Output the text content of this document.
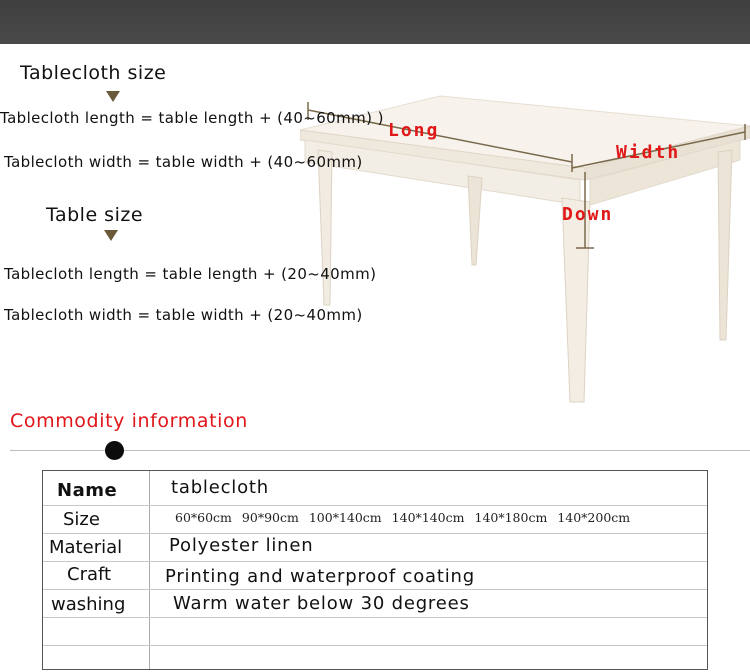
Long
Width
Down
Tablecloth size
Tablecloth length = table length + (40~60mm) )
Tablecloth width = table width + (40~60mm)
Table size
Tablecloth length = table length + (20~40mm)
Tablecloth width = table width + (20~40mm)
Commodity information
Name	tablecloth
Size	60*60cm 90*90cm 100*140cm 140*140cm 140*180cm 140*200cm
Material	Polyester linen
Craft	Printing and waterproof coating
washing	Warm water below 30 degrees
